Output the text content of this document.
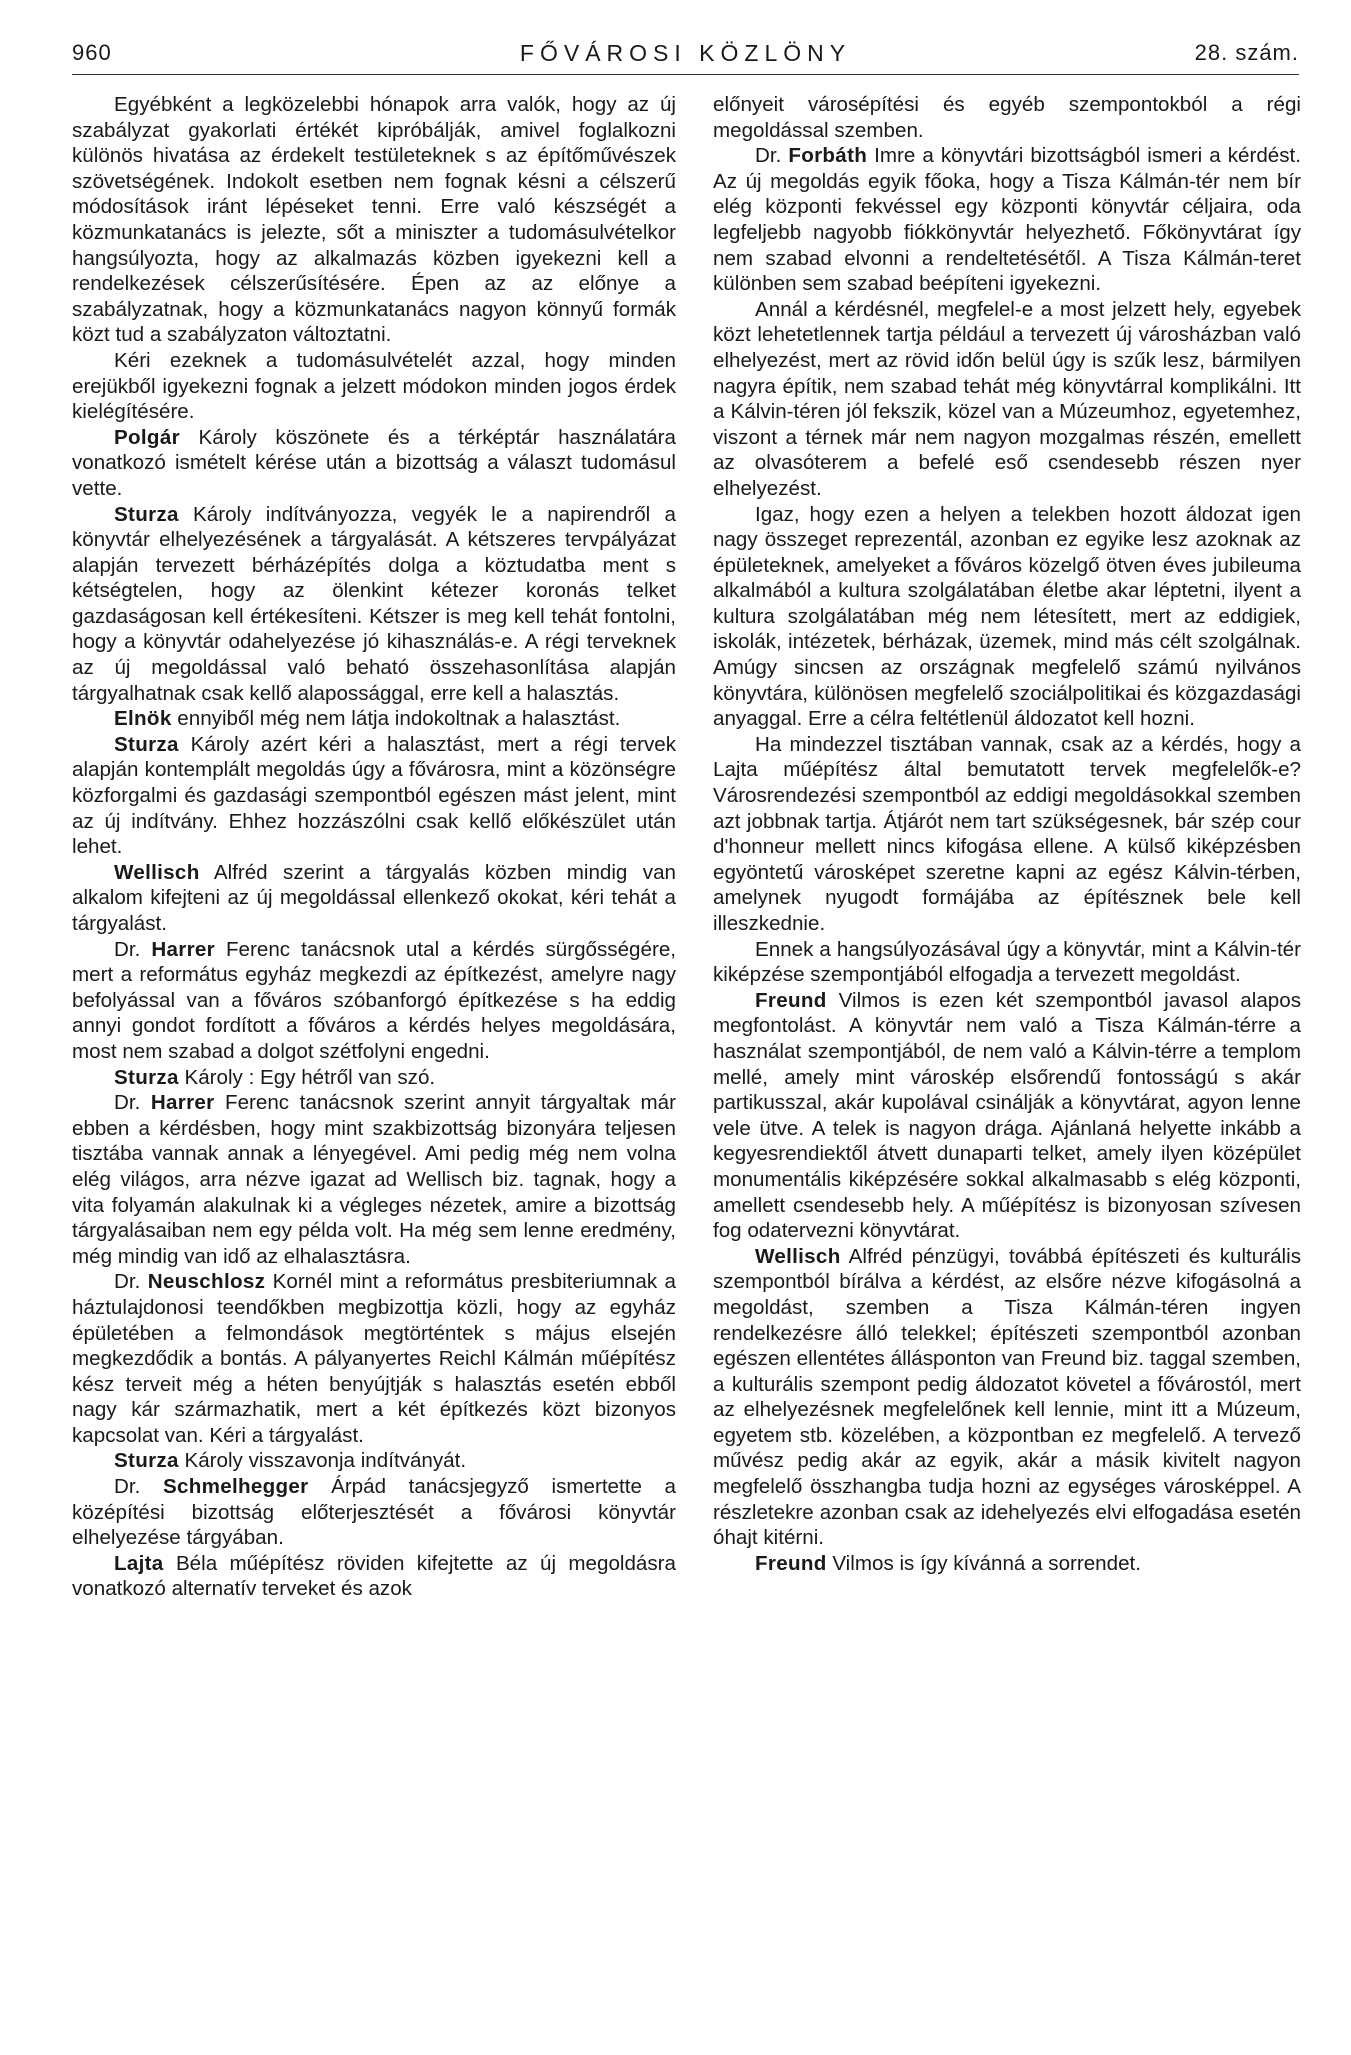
960	FŐVÁROSI KÖZLÖNY	28. szám.

Egyébként a legközelebbi hónapok arra valók, hogy az új szabályzat gyakorlati értékét kipróbálják, amivel foglalkozni különös hivatása az érdekelt testületeknek s az építőművészek szövetségének. Indokolt esetben nem fognak késni a célszerű módosítások iránt lépéseket tenni. Erre való készségét a közmunkatanács is jelezte, sőt a miniszter a tudomásulvételkor hangsúlyozta, hogy az alkalmazás közben igyekezni kell a rendelkezések célszerűsítésére. Épen az az előnye a szabályzatnak, hogy a közmunkatanács nagyon könnyű formák közt tud a szabályzaton változtatni.

Kéri ezeknek a tudomásulvételét azzal, hogy minden erejükből igyekezni fognak a jelzett módokon minden jogos érdek kielégítésére.

Polgár Károly köszönete és a térképtár használatára vonatkozó ismételt kérése után a bizottság a választ tudomásul vette.

Sturza Károly indítványozza, vegyék le a napirendről a könyvtár elhelyezésének a tárgyalását. A kétszeres tervpályázat alapján tervezett bérházépítés dolga a köztudatba ment s kétségtelen, hogy az ölenkint kétezer koronás telket gazdaságosan kell értékesíteni. Kétszer is meg kell tehát fontolni, hogy a könyvtár odahelyezése jó kihasználás-e. A régi terveknek az új megoldással való beható összehasonlítása alapján tárgyalhatnak csak kellő alapossággal, erre kell a halasztás.

Elnök ennyiből még nem látja indokoltnak a halasztást.

Sturza Károly azért kéri a halasztást, mert a régi tervek alapján kontemplált megoldás úgy a fővárosra, mint a közönségre közforgalmi és gazdasági szempontból egészen mást jelent, mint az új indítvány. Ehhez hozzászólni csak kellő előkészület után lehet.

Wellisch Alfréd szerint a tárgyalás közben mindig van alkalom kifejteni az új megoldással ellenkező okokat, kéri tehát a tárgyalást.

Dr. Harrer Ferenc tanácsnok utal a kérdés sürgősségére, mert a református egyház megkezdi az építkezést, amelyre nagy befolyással van a főváros szóbanforgó építkezése s ha eddig annyi gondot fordított a főváros a kérdés helyes megoldására, most nem szabad a dolgot szétfolyni engedni.

Sturza Károly : Egy hétről van szó.

Dr. Harrer Ferenc tanácsnok szerint annyit tárgyaltak már ebben a kérdésben, hogy mint szakbizottság bizonyára teljesen tisztába vannak annak a lényegével. Ami pedig még nem volna elég világos, arra nézve igazat ad Wellisch biz. tagnak, hogy a vita folyamán alakulnak ki a végleges nézetek, amire a bizottság tárgyalásaiban nem egy példa volt. Ha még sem lenne eredmény, még mindig van idő az elhalasztásra.

Dr. Neuschlosz Kornél mint a református presbiteriumnak a háztulajdonosi teendőkben megbizottja közli, hogy az egyház épületében a felmondások megtörténtek s május elsején megkezdődik a bontás. A pályanyertes Reichl Kálmán műépítész kész terveit még a héten benyújtják s halasztás esetén ebből nagy kár származhatik, mert a két építkezés közt bizonyos kapcsolat van. Kéri a tárgyalást.

Sturza Károly visszavonja indítványát.

Dr. Schmelhegger Árpád tanácsjegyző ismertette a középítési bizottság előterjesztését a fővárosi könyvtár elhelyezése tárgyában.

Lajta Béla műépítész röviden kifejtette az új megoldásra vonatkozó alternatív terveket és azok

előnyeit városépítési és egyéb szempontokból a régi megoldással szemben.

Dr. Forbáth Imre a könyvtári bizottságból ismeri a kérdést. Az új megoldás egyik főoka, hogy a Tisza Kálmán-tér nem bír elég központi fekvéssel egy központi könyvtár céljaira, oda legfeljebb nagyobb fiókkönyvtár helyezhető. Főkönyvtárat így nem szabad elvonni a rendeltetésétől. A Tisza Kálmán-teret különben sem szabad beépíteni igyekezni.

Annál a kérdésnél, megfelel-e a most jelzett hely, egyebek közt lehetetlennek tartja például a tervezett új városházban való elhelyezést, mert az rövid időn belül úgy is szűk lesz, bármilyen nagyra építik, nem szabad tehát még könyvtárral komplikálni. Itt a Kálvin-téren jól fekszik, közel van a Múzeumhoz, egyetemhez, viszont a térnek már nem nagyon mozgalmas részén, emellett az olvasóterem a befelé eső csendesebb részen nyer elhelyezést.

Igaz, hogy ezen a helyen a telekben hozott áldozat igen nagy összeget reprezentál, azonban ez egyike lesz azoknak az épületeknek, amelyeket a főváros közelgő ötven éves jubileuma alkalmából a kultura szolgálatában életbe akar léptetni, ilyent a kultura szolgálatában még nem létesített, mert az eddigiek, iskolák, intézetek, bérházak, üzemek, mind más célt szolgálnak. Amúgy sincsen az országnak megfelelő számú nyilvános könyvtára, különösen megfelelő szociálpolitikai és közgazdasági anyaggal. Erre a célra feltétlenül áldozatot kell hozni.

Ha mindezzel tisztában vannak, csak az a kérdés, hogy a Lajta műépítész által bemutatott tervek megfelelők-e? Városrendezési szempontból az eddigi megoldásokkal szemben azt jobbnak tartja. Átjárót nem tart szükségesnek, bár szép cour d'honneur mellett nincs kifogása ellene. A külső kiképzésben egyöntetű városképet szeretne kapni az egész Kálvin-térben, amelynek nyugodt formájába az építésznek bele kell illeszkednie.

Ennek a hangsúlyozásával úgy a könyvtár, mint a Kálvin-tér kiképzése szempontjából elfogadja a tervezett megoldást.

Freund Vilmos is ezen két szempontból javasol alapos megfontolást. A könyvtár nem való a Tisza Kálmán-térre a használat szempontjából, de nem való a Kálvin-térre a templom mellé, amely mint városkép elsőrendű fontosságú s akár partikusszal, akár kupolával csinálják a könyvtárat, agyon lenne vele ütve. A telek is nagyon drága. Ajánlaná helyette inkább a kegyesrendiektől átvett dunaparti telket, amely ilyen középület monumentális kiképzésére sokkal alkalmasabb s elég központi, amellett csendesebb hely. A műépítész is bizonyosan szívesen fog odatervezni könyvtárat.

Wellisch Alfréd pénzügyi, továbbá építészeti és kulturális szempontból bírálva a kérdést, az elsőre nézve kifogásolná a megoldást, szemben a Tisza Kálmán-téren ingyen rendelkezésre álló telekkel; építészeti szempontból azonban egészen ellentétes állásponton van Freund biz. taggal szemben, a kulturális szempont pedig áldozatot követel a fővárostól, mert az elhelyezésnek megfelelőnek kell lennie, mint itt a Múzeum, egyetem stb. közelében, a központban ez megfelelő. A tervező művész pedig akár az egyik, akár a másik kivitelt nagyon megfelelő összhangba tudja hozni az egységes városképpel. A részletekre azonban csak az idehelyezés elvi elfogadása esetén óhajt kitérni.

Freund Vilmos is így kívánná a sorrendet.
